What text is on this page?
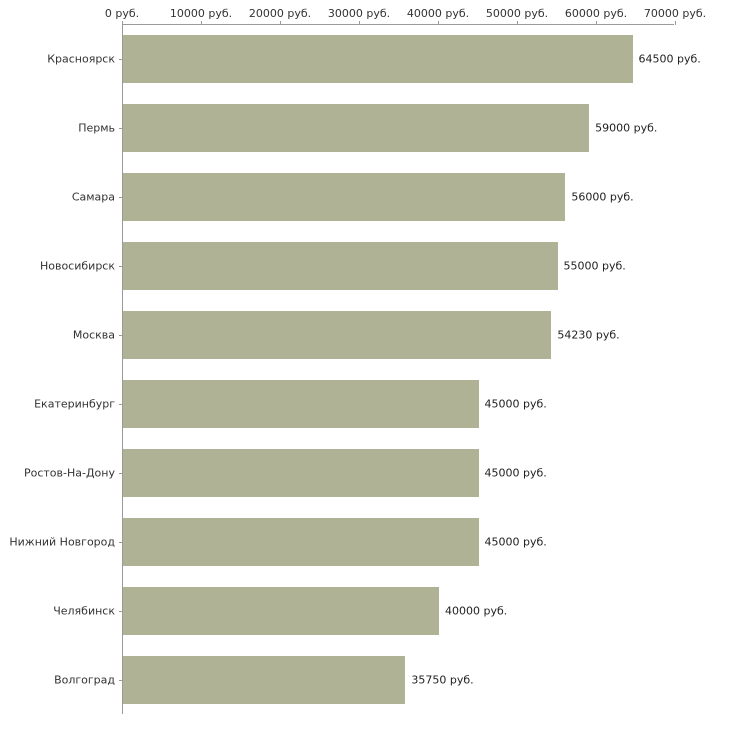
0 руб.	10000 руб. 20000 руб. 30000 руб. 40000 руб. 50000 руб. 60000 руб. 70000 руб.
64500 руб.
Красноярск
59000 руб.
Пермь
56000 руб.
Самара
55000 руб.
Новосибирск
54230 руб.
Москва
45000 руб.
Екатеринбург
45000 руб.
Ростов-На-Дону
45000 руб.
Нижний Новгород
40000 руб.
Челябинск
35750 руб.
Волгоград
